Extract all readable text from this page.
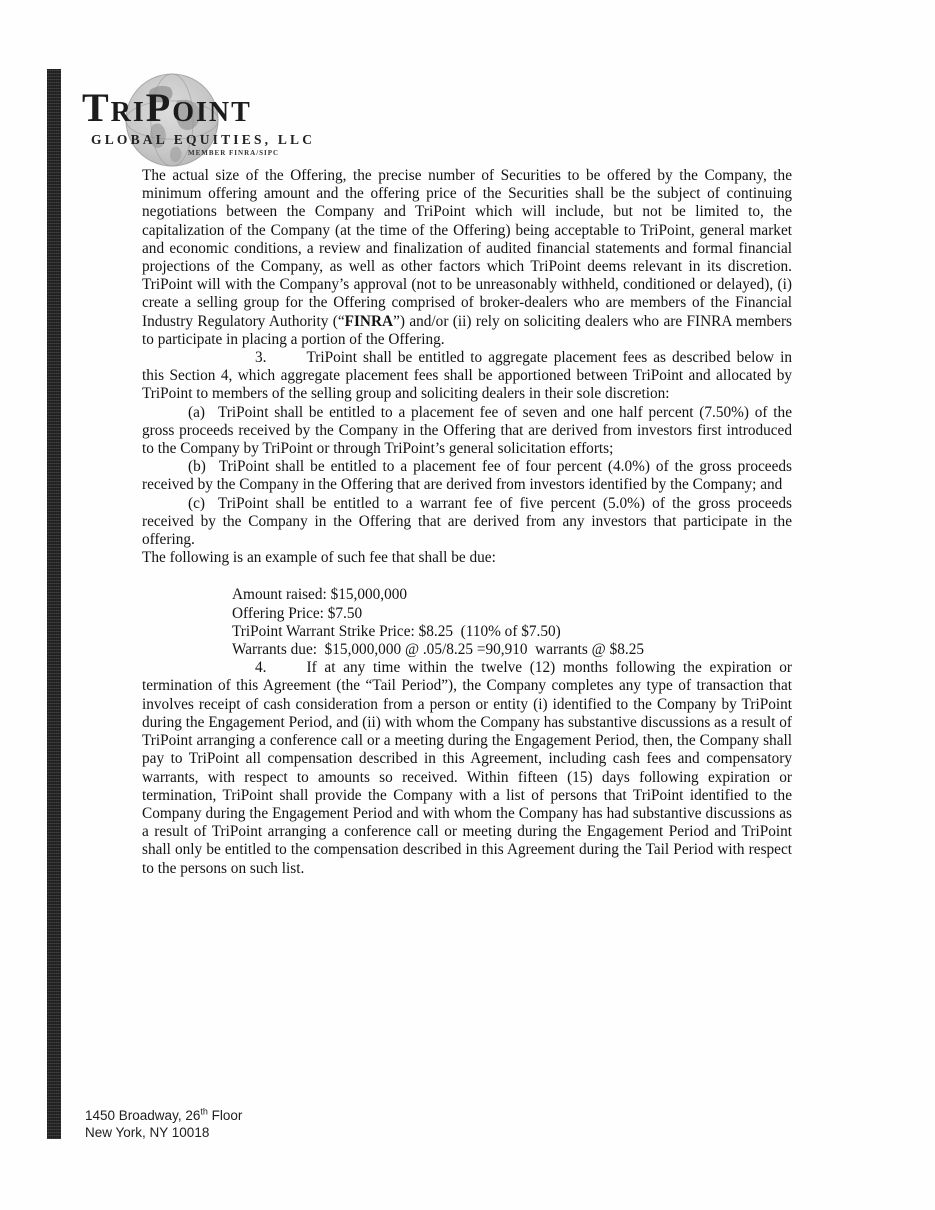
TriPoint
GLOBAL EQUITIES, LLC
MEMBER FINRA/SIPC

The actual size of the Offering, the precise number of Securities to be offered by the Company, the minimum offering amount and the offering price of the Securities shall be the subject of continuing negotiations between the Company and TriPoint which will include, but not be limited to, the capitalization of the Company (at the time of the Offering) being acceptable to TriPoint, general market and economic conditions, a review and finalization of audited financial statements and formal financial projections of the Company, as well as other factors which TriPoint deems relevant in its discretion. TriPoint will with the Company’s approval (not to be unreasonably withheld, conditioned or delayed), (i) create a selling group for the Offering comprised of broker-dealers who are members of the Financial Industry Regulatory Authority (“FINRA”) and/or (ii) rely on soliciting dealers who are FINRA members to participate in placing a portion of the Offering.

3.	TriPoint shall be entitled to aggregate placement fees as described below in this Section 4, which aggregate placement fees shall be apportioned between TriPoint and allocated by TriPoint to members of the selling group and soliciting dealers in their sole discretion:

(a) TriPoint shall be entitled to a placement fee of seven and one half percent (7.50%) of the gross proceeds received by the Company in the Offering that are derived from investors first introduced to the Company by TriPoint or through TriPoint’s general solicitation efforts;

(b) TriPoint shall be entitled to a placement fee of four percent (4.0%) of the gross proceeds received by the Company in the Offering that are derived from investors identified by the Company; and

(c) TriPoint shall be entitled to a warrant fee of five percent (5.0%) of the gross proceeds received by the Company in the Offering that are derived from any investors that participate in the offering.

The following is an example of such fee that shall be due:

Amount raised: $15,000,000
Offering Price: $7.50
TriPoint Warrant Strike Price: $8.25  (110% of $7.50)
Warrants due:  $15,000,000 @ .05/8.25 =90,910  warrants @ $8.25

4.	If at any time within the twelve (12) months following the expiration or termination of this Agreement (the “Tail Period”), the Company completes any type of transaction that involves receipt of cash consideration from a person or entity (i) identified to the Company by TriPoint during the Engagement Period, and (ii) with whom the Company has substantive discussions as a result of TriPoint arranging a conference call or a meeting during the Engagement Period, then, the Company shall pay to TriPoint all compensation described in this Agreement, including cash fees and compensatory warrants, with respect to amounts so received. Within fifteen (15) days following expiration or termination, TriPoint shall provide the Company with a list of persons that TriPoint identified to the Company during the Engagement Period and with whom the Company has had substantive discussions as a result of TriPoint arranging a conference call or meeting during the Engagement Period and TriPoint shall only be entitled to the compensation described in this Agreement during the Tail Period with respect to the persons on such list.

1450 Broadway, 26th Floor
New York, NY 10018
